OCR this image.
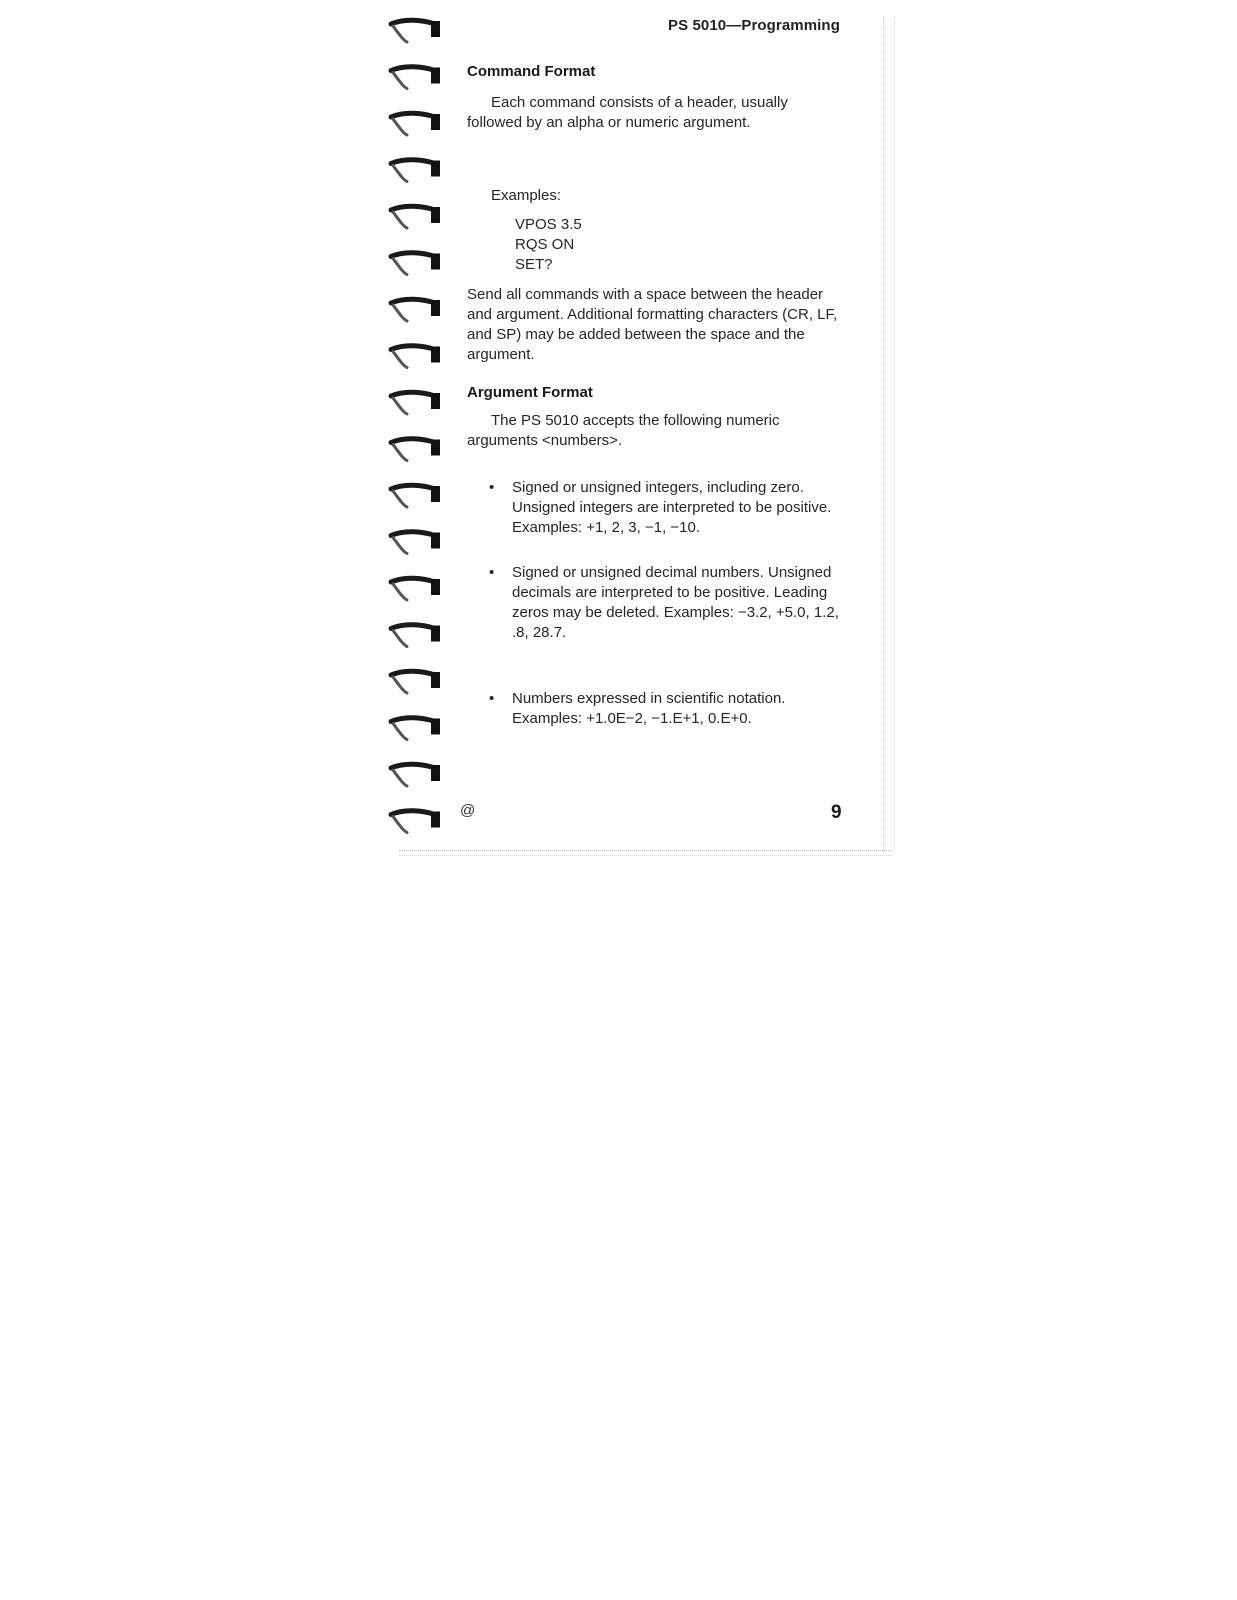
PS 5010—Programming
Command Format

Each command consists of a header, usually followed by an alpha or numeric argument.

Examples:

VPOS 3.5
RQS ON
SET?

Send all commands with a space between the header and argument. Additional formatting characters (CR, LF, and SP) may be added between the space and the argument.

Argument Format

The PS 5010 accepts the following numeric arguments <numbers>.

• Signed or unsigned integers, including zero. Unsigned integers are interpreted to be positive. Examples: +1, 2, 3, −1, −10.
• Signed or unsigned decimal numbers. Unsigned decimals are interpreted to be positive. Leading zeros may be deleted. Examples: −3.2, +5.0, 1.2, .8, 28.7.
• Numbers expressed in scientific notation. Examples: +1.0E−2, −1.E+1, 0.E+0.
@	9
